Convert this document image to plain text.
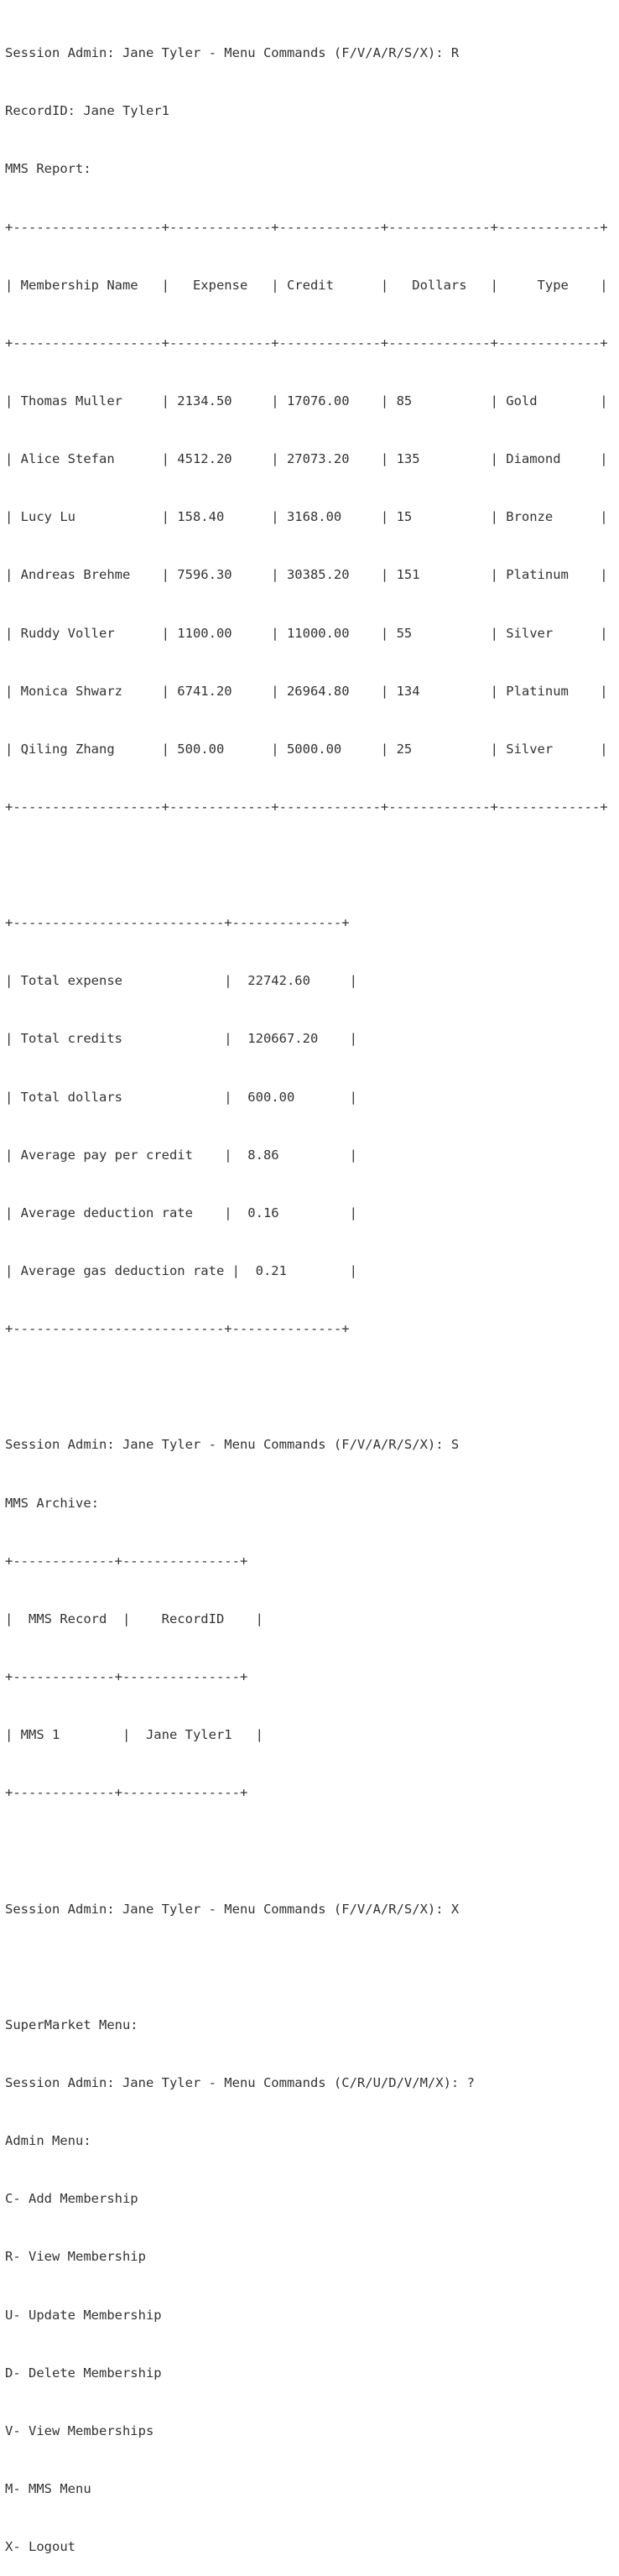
Session Admin: Jane Tyler - Menu Commands (F/V/A/R/S/X): R

RecordID: Jane Tyler1

MMS Report:

+-------------------+-------------+-------------+-------------+-------------+

| Membership Name   |   Expense   | Credit      |   Dollars   |     Type    |

+-------------------+-------------+-------------+-------------+-------------+

| Thomas Muller     | 2134.50     | 17076.00    | 85          | Gold        |

| Alice Stefan      | 4512.20     | 27073.20    | 135         | Diamond     |

| Lucy Lu           | 158.40      | 3168.00     | 15          | Bronze      |

| Andreas Brehme    | 7596.30     | 30385.20    | 151         | Platinum    |

| Ruddy Voller      | 1100.00     | 11000.00    | 55          | Silver      |

| Monica Shwarz     | 6741.20     | 26964.80    | 134         | Platinum    |

| Qiling Zhang      | 500.00      | 5000.00     | 25          | Silver      |

+-------------------+-------------+-------------+-------------+-------------+

+---------------------------+--------------+

| Total expense             |  22742.60     |

| Total credits             |  120667.20    |

| Total dollars             |  600.00       |

| Average pay per credit    |  8.86         |

| Average deduction rate    |  0.16         |

| Average gas deduction rate |  0.21        |

+---------------------------+--------------+

Session Admin: Jane Tyler - Menu Commands (F/V/A/R/S/X): S

MMS Archive:

+-------------+---------------+

|  MMS Record  |    RecordID    |

+-------------+---------------+

| MMS 1        |  Jane Tyler1   |

+-------------+---------------+

Session Admin: Jane Tyler - Menu Commands (F/V/A/R/S/X): X

SuperMarket Menu:

Session Admin: Jane Tyler - Menu Commands (C/R/U/D/V/M/X): ?

Admin Menu:

C- Add Membership

R- View Membership

U- Update Membership

D- Delete Membership

V- View Memberships

M- MMS Menu

X- Logout
